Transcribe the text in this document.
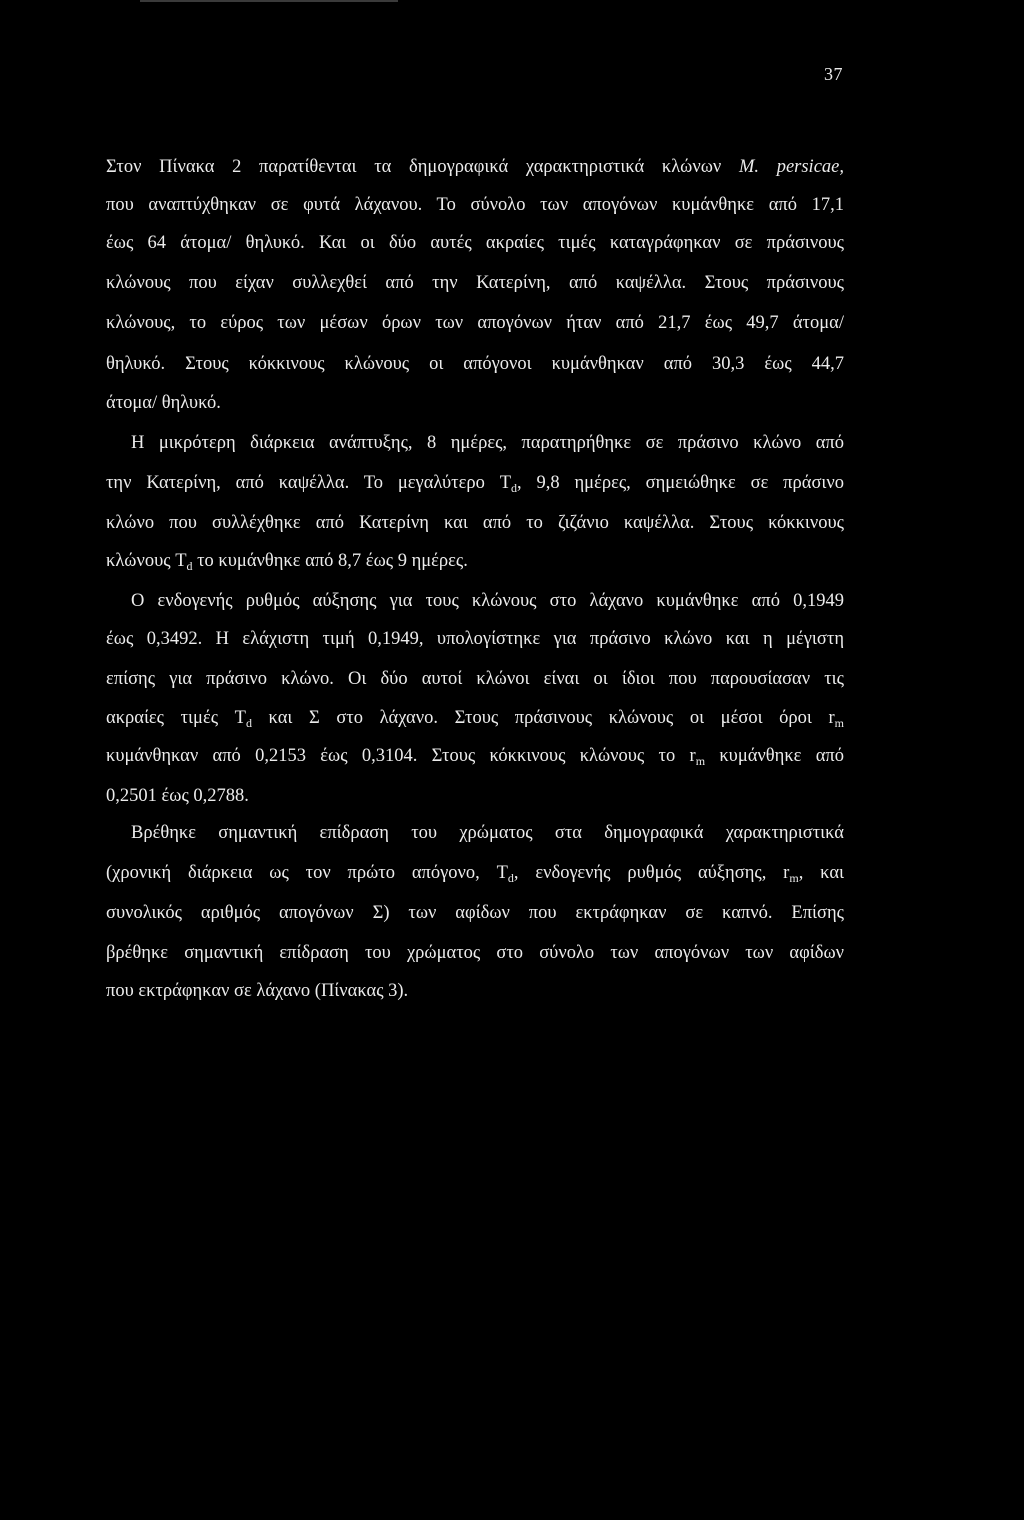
37
Στον Πίνακα 2 παρατίθενται τα δημογραφικά χαρακτηριστικά κλώνων M. persicae,
που αναπτύχθηκαν σε φυτά λάχανου. Το σύνολο των απογόνων κυμάνθηκε από 17,1
έως 64 άτομα/ θηλυκό. Και οι δύο αυτές ακραίες τιμές καταγράφηκαν σε πράσινους
κλώνους που είχαν συλλεχθεί από την Κατερίνη, από καψέλλα. Στους πράσινους
κλώνους, το εύρος των μέσων όρων των απογόνων ήταν από 21,7 έως 49,7 άτομα/
θηλυκό. Στους κόκκινους κλώνους οι απόγονοι κυμάνθηκαν από 30,3 έως 44,7
άτομα/ θηλυκό.
Η μικρότερη διάρκεια ανάπτυξης, 8 ημέρες, παρατηρήθηκε σε πράσινο κλώνο από
την Κατερίνη, από καψέλλα. Το μεγαλύτερο $T_d$, 9,8 ημέρες, σημειώθηκε σε πράσινο
κλώνο που συλλέχθηκε από Κατερίνη και από το ζιζάνιο καψέλλα. Στους κόκκινους
κλώνους $T_d$ το κυμάνθηκε από 8,7 έως 9 ημέρες.
Ο ενδογενής ρυθμός αύξησης για τους κλώνους στο λάχανο κυμάνθηκε από 0,1949
έως 0,3492. Η ελάχιστη τιμή 0,1949, υπολογίστηκε για πράσινο κλώνο και η μέγιστη
επίσης για πράσινο κλώνο. Οι δύο αυτοί κλώνοι είναι οι ίδιοι που παρουσίασαν τις
ακραίες τιμές $T_d$ και Σ στο λάχανο. Στους πράσινους κλώνους οι μέσοι όροι $r_m$
κυμάνθηκαν από 0,2153 έως 0,3104. Στους κόκκινους κλώνους το $r_m$ κυμάνθηκε από
0,2501 έως 0,2788.
Βρέθηκε σημαντική επίδραση του χρώματος στα δημογραφικά χαρακτηριστικά
(χρονική διάρκεια ως τον πρώτο απόγονο, $T_d$, ενδογενής ρυθμός αύξησης, $r_m$, και
συνολικός αριθμός απογόνων Σ) των αφίδων που εκτράφηκαν σε καπνό. Επίσης
βρέθηκε σημαντική επίδραση του χρώματος στο σύνολο των απογόνων των αφίδων
που εκτράφηκαν σε λάχανο (Πίνακας 3).
